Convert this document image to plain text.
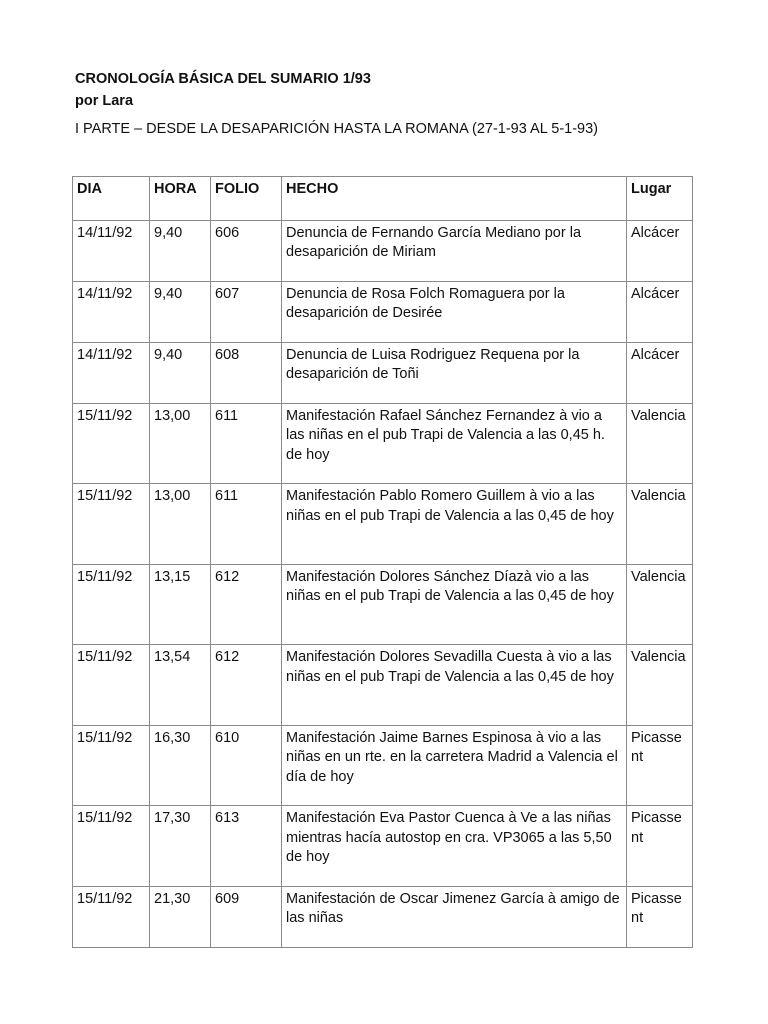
CRONOLOGÍA BÁSICA DEL SUMARIO 1/93

por Lara

I PARTE – DESDE LA DESAPARICIÓN HASTA LA ROMANA (27-1-93 AL 5-1-93)

DIA	HORA	FOLIO	HECHO	Lugar
14/11/92	9,40	606	Denuncia de Fernando García Mediano por la desaparición de Miriam	Alcácer
14/11/92	9,40	607	Denuncia de Rosa Folch Romaguera por la desaparición de Desirée	Alcácer
14/11/92	9,40	608	Denuncia de Luisa Rodriguez Requena por la desaparición de Toñi	Alcácer
15/11/92	13,00	611	Manifestación Rafael Sánchez Fernandez à vio a las niñas en el pub Trapi de Valencia a las 0,45 h. de hoy	Valencia
15/11/92	13,00	611	Manifestación Pablo Romero Guillem à vio a las niñas en el pub Trapi de Valencia a las 0,45 de hoy	Valencia
15/11/92	13,15	612	Manifestación Dolores Sánchez Díazà vio a las niñas en el pub Trapi de Valencia a las 0,45 de hoy	Valencia
15/11/92	13,54	612	Manifestación Dolores Sevadilla Cuesta à vio a las niñas en el pub Trapi de Valencia a las 0,45 de hoy	Valencia
15/11/92	16,30	610	Manifestación Jaime Barnes Espinosa à vio a las niñas en un rte. en la carretera Madrid a Valencia el día de hoy	Picassent
15/11/92	17,30	613	Manifestación Eva Pastor Cuenca à Ve a las niñas mientras hacía autostop en cra. VP3065 a las 5,50 de hoy	Picassent
15/11/92	21,30	609	Manifestación de Oscar Jimenez García à amigo de las niñas	Picassent
